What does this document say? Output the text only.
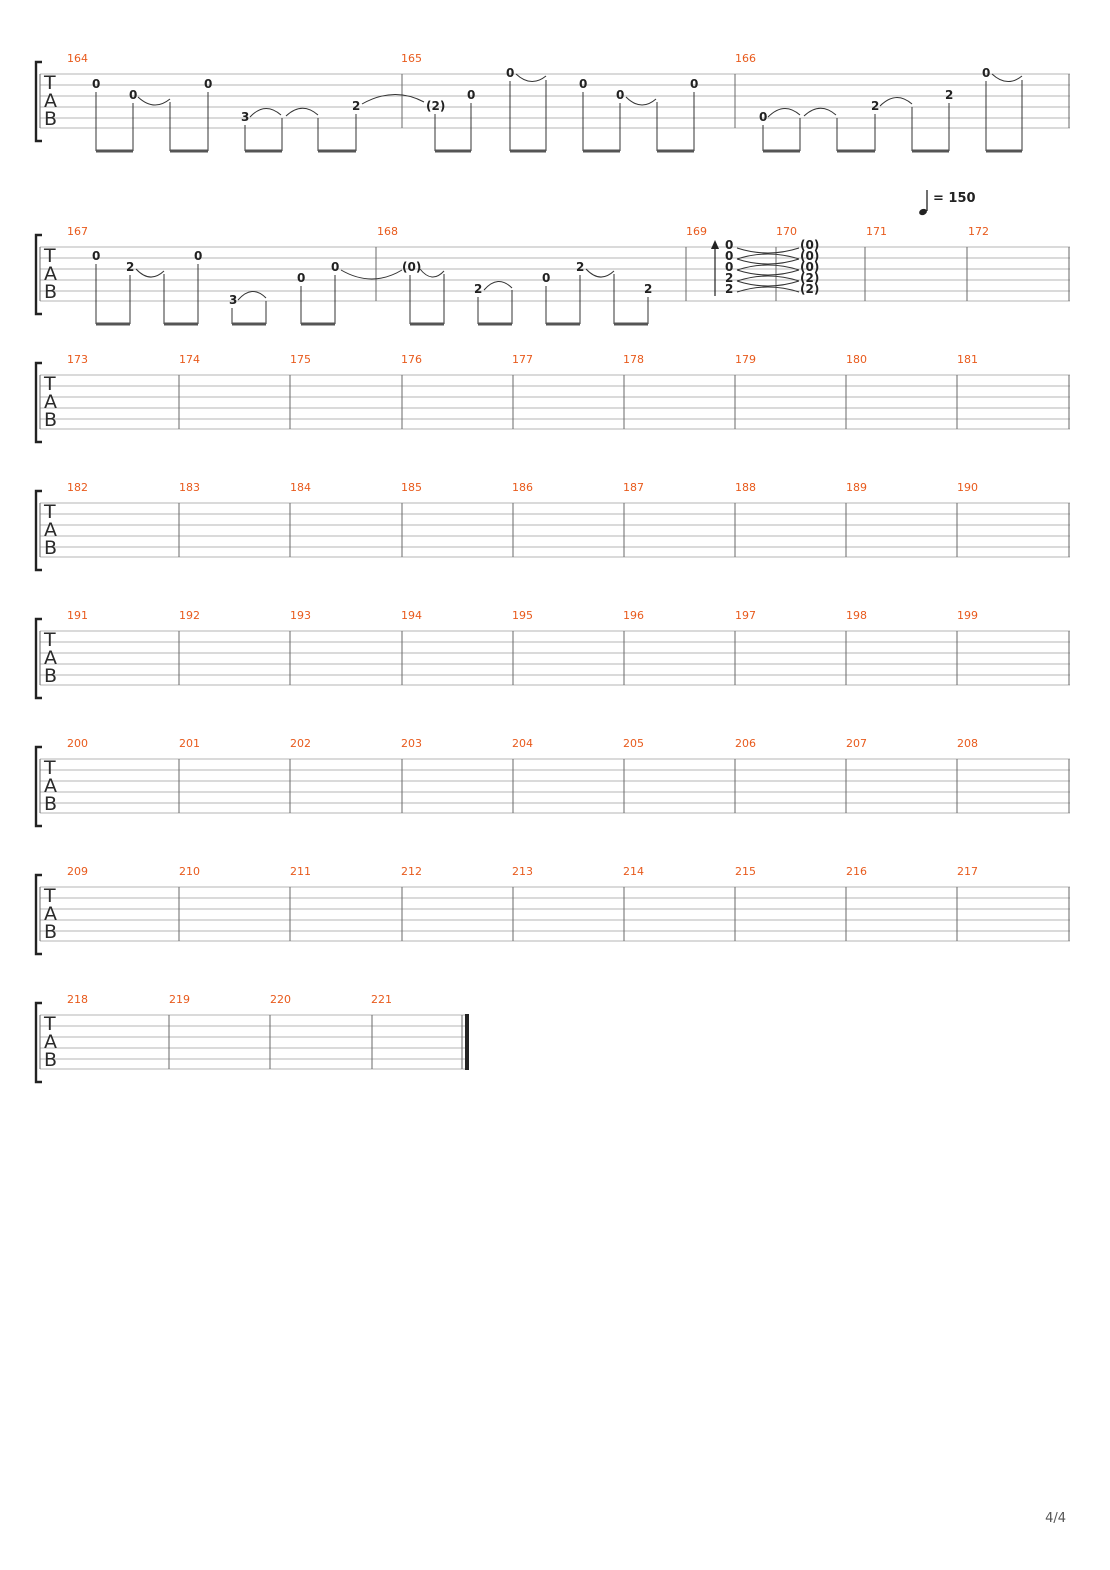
T
A
B
164	165	166
0
0
0
3
2	(2)
0
0
0
0
0
0
2
2
0
= 150
T
A
B
167	168	169	170	171	172
0
2
0
3
0
0	(0)
2
0
2
2
0
0
0
2
2
(0)
(0)
(0)
(2)
(2)
T
A
B
173	174	175	176	177	178	179	180	181
T
A
B
182	183	184	185	186	187	188	189	190
T
A
B
191	192	193	194	195	196	197	198	199
T
A
B
200	201	202	203	204	205	206	207	208
T
A
B
209	210	211	212	213	214	215	216	217
T
A
B
218	219	220	221
4/4
